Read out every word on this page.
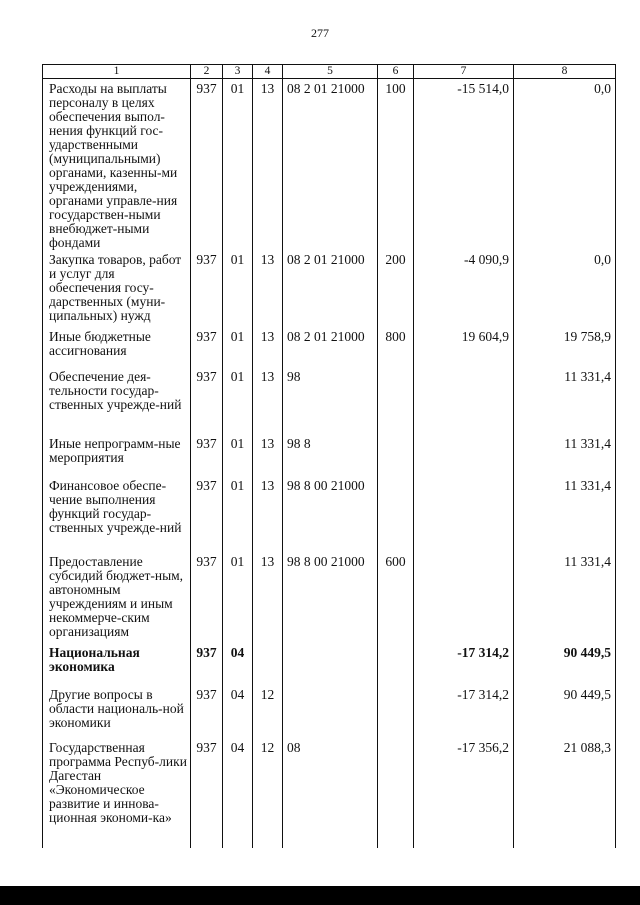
277
1	2	3	4	5	6	7	8
Расходы на выплаты персоналу в целях обеспечения выпол-нения функций гос-ударственными (муниципальными) органами, казенны-ми учреждениями, органами управле-ния государствен-ными внебюджет-ными фондами	937	01	13	08 2 01 21000	100	-15 514,0	0,0
Закупка товаров, работ и услуг для обеспечения госу-дарственных (муни-ципальных) нужд	937	01	13	08 2 01 21000	200	-4 090,9	0,0
Иные бюджетные ассигнования	937	01	13	08 2 01 21000	800	19 604,9	19 758,9
Обеспечение дея-тельности государ-ственных учрежде-ний	937	01	13	98			11 331,4
Иные непрограмм-ные мероприятия	937	01	13	98 8			11 331,4
Финансовое обеспе-чение выполнения функций государ-ственных учрежде-ний	937	01	13	98 8 00 21000			11 331,4
Предоставление субсидий бюджет-ным, автономным учреждениям и иным некоммерче-ским организациям	937	01	13	98 8 00 21000	600		11 331,4
Национальная экономика	937	04				-17 314,2	90 449,5
Другие вопросы в области националь-ной экономики	937	04	12			-17 314,2	90 449,5
Государственная программа Респуб-лики Дагестан «Экономическое развитие и иннова-ционная экономи-ка»	937	04	12	08		-17 356,2	21 088,3
